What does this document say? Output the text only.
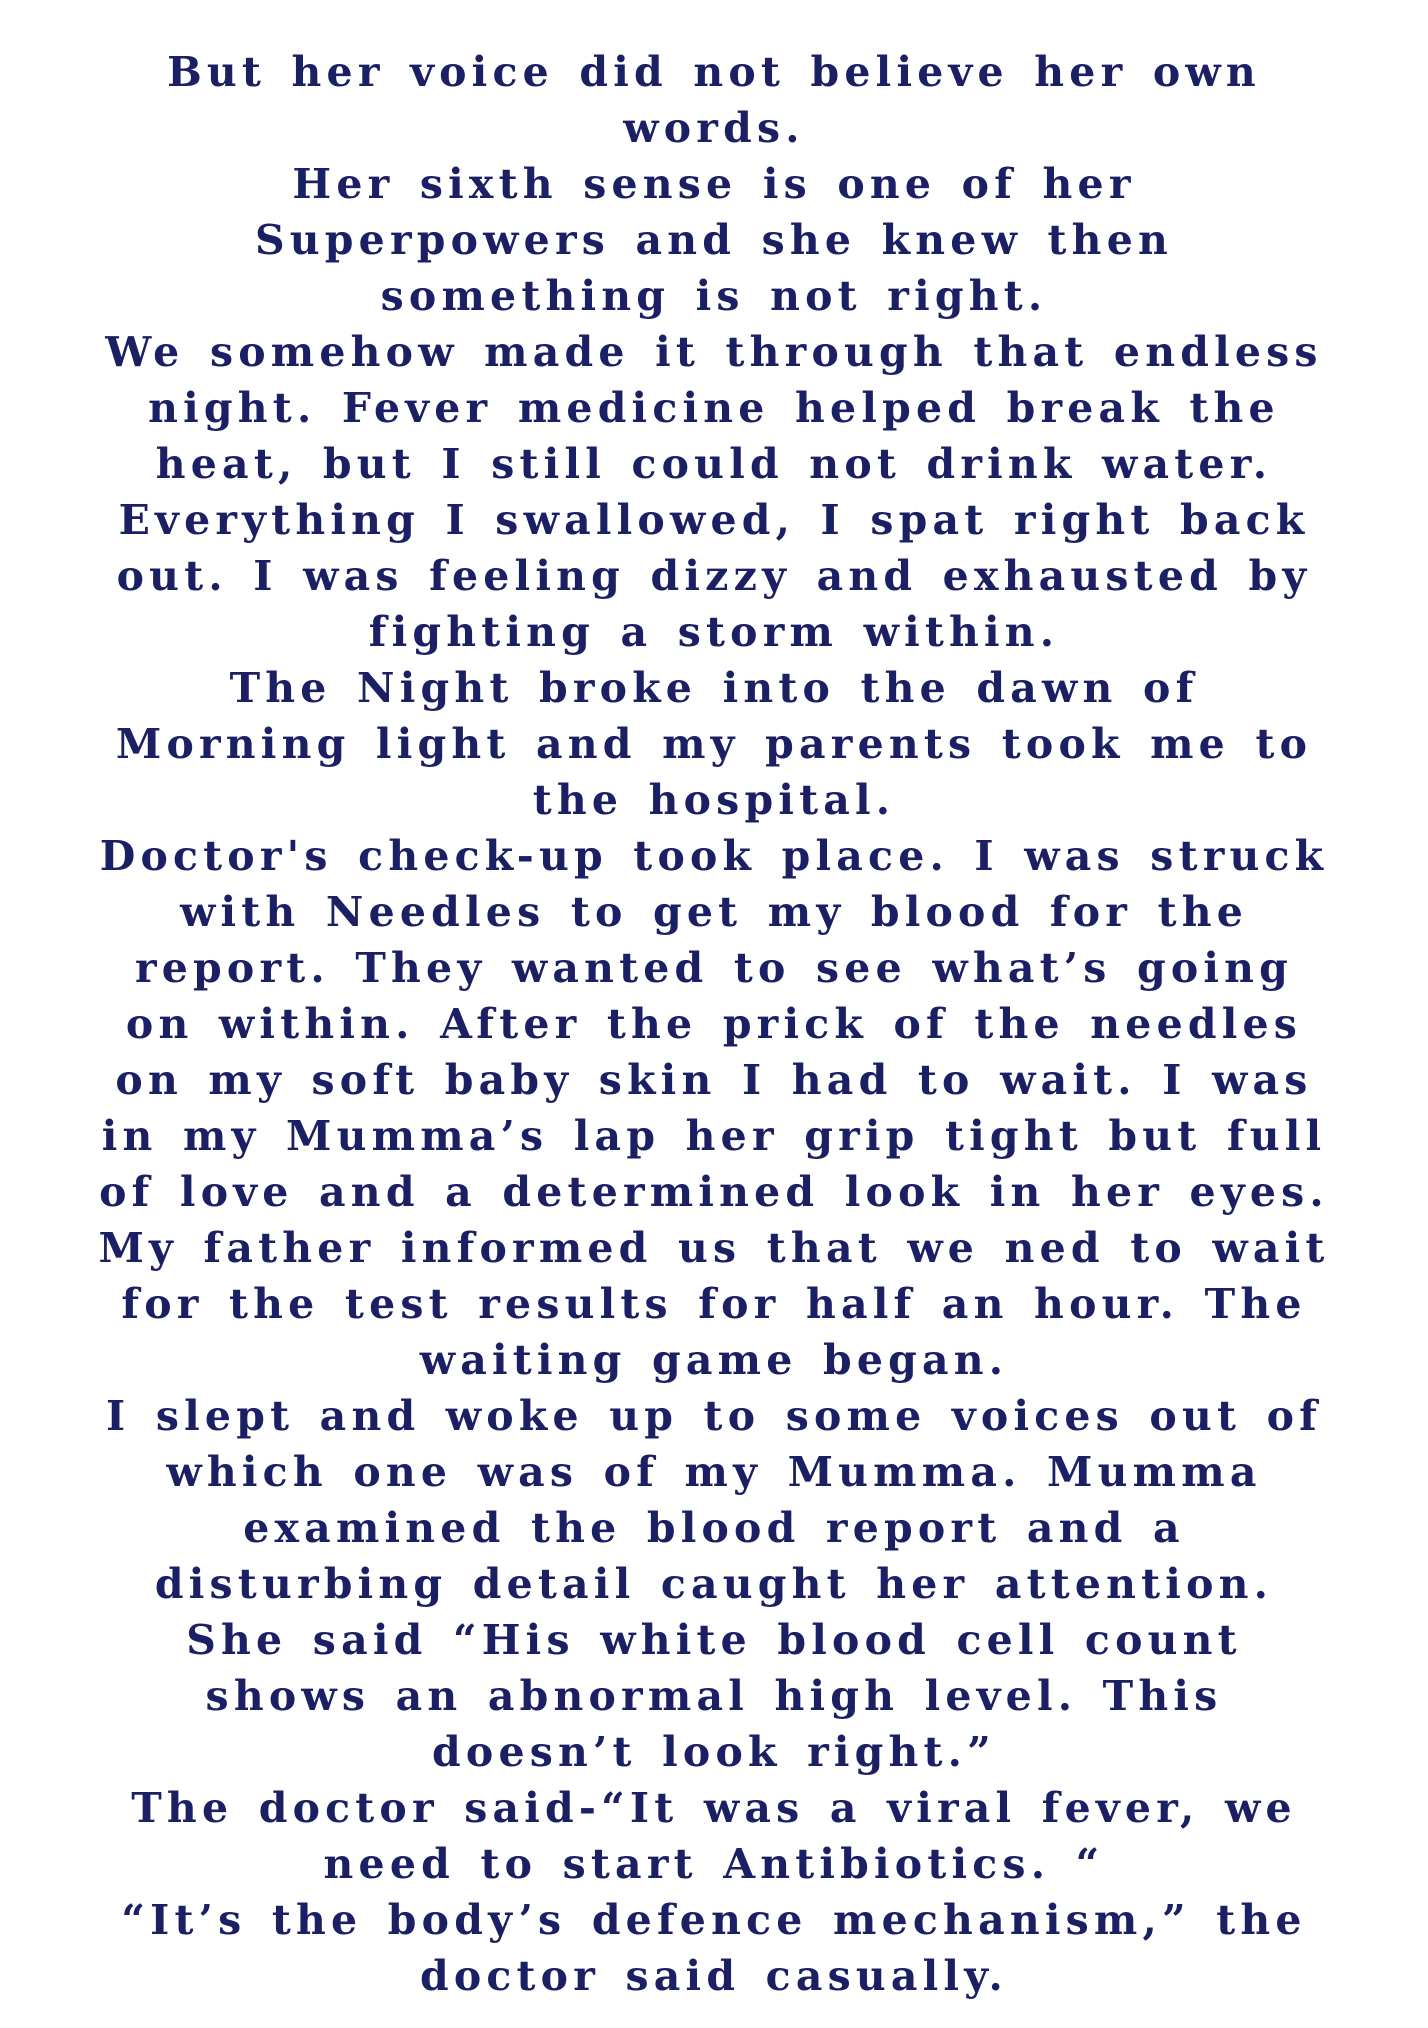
But her voice did not believe her own
words.
Her sixth sense is one of her
Superpowers and she knew then
something is not right.
We somehow made it through that endless
night. Fever medicine helped break the
heat, but I still could not drink water.
Everything I swallowed, I spat right back
out. I was feeling dizzy and exhausted by
fighting a storm within.
The Night broke into the dawn of
Morning light and my parents took me to
the hospital.
Doctor's check-up took place. I was struck
with Needles to get my blood for the
report. They wanted to see what’s going
on within. After the prick of the needles
on my soft baby skin I had to wait. I was
in my Mumma’s lap her grip tight but full
of love and a determined look in her eyes.
My father informed us that we ned to wait
for the test results for half an hour. The
waiting game began.
I slept and woke up to some voices out of
which one was of my Mumma. Mumma
examined the blood report and a
disturbing detail caught her attention.
She said “His white blood cell count
shows an abnormal high level. This
doesn’t look right.”
The doctor said-“It was a viral fever, we
need to start Antibiotics. “
“It’s the body’s defence mechanism,” the
doctor said casually.
